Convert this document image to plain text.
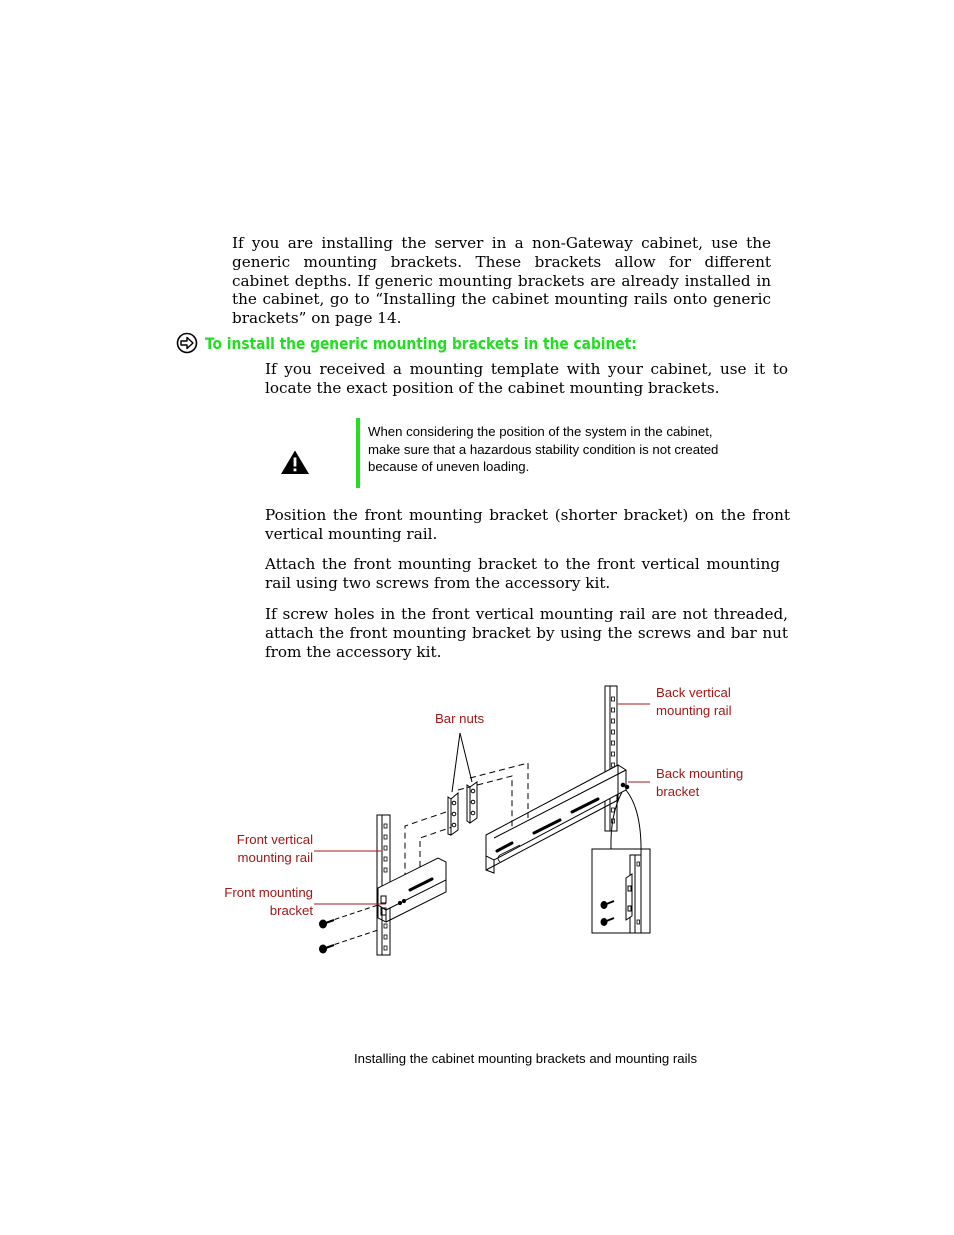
If you are installing the server in a non-Gateway cabinet, use the generic mounting brackets. These brackets allow for different cabinet depths. If generic mounting brackets are already installed in the cabinet, go to “Installing the cabinet mounting rails onto generic brackets” on page 14.

To install the generic mounting brackets in the cabinet:

If you received a mounting template with your cabinet, use it to locate the exact position of the cabinet mounting brackets.

When considering the position of the system in the cabinet, make sure that a hazardous stability condition is not created because of uneven loading.

Position the front mounting bracket (shorter bracket) on the front vertical mounting rail.

Attach the front mounting bracket to the front vertical mounting rail using two screws from the accessory kit.

If screw holes in the front vertical mounting rail are not threaded, attach the front mounting bracket by using the screws and bar nut from the accessory kit.

Back vertical
mounting rail
Bar nuts
Back mounting
bracket
Front vertical
mounting rail
Front mounting
bracket
Installing the cabinet mounting brackets and mounting rails
